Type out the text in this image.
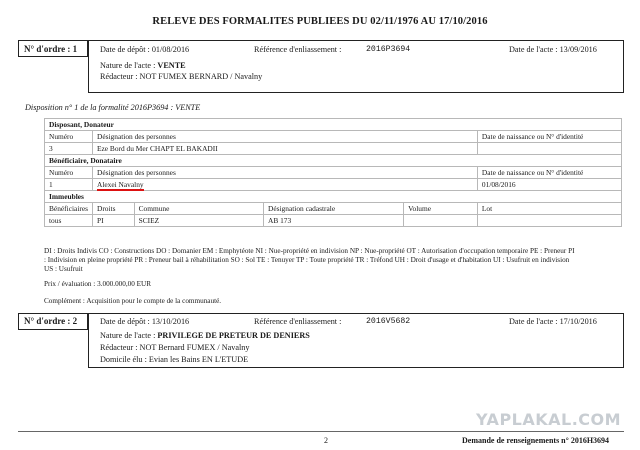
RELEVE DES FORMALITES PUBLIEES DU 02/11/1976 AU 17/10/2016
N° d'ordre : 1	Date de dépôt : 01/08/2016	Référence d'enliassement :	2016P3694	Date de l'acte : 13/09/2016
Nature de l'acte : VENTE
Rédacteur : NOT FUMEX BERNARD / Navalny
Disposition n° 1 de la formalité 2016P3694 : VENTE
Disposant, Donateur					
Numéro	Désignation des personnes				Date de naissance ou N° d'identité
3	Eze Bord du Mer CHAPT EL BAKADII				
Bénéficiaire, Donataire					
Numéro	Désignation des personnes				Date de naissance ou N° d'identité
1	Alexei Navalny				01/08/2016
Immeubles					
Bénéficiaires	Droits	Commune	Désignation cadastrale	Volume	Lot
tous	PI	SCIEZ	AB 173		
DI : Droits Indivis CO : Constructions DO : Domanier EM : Emphytéote NI : Nue-propriété en indivision NP : Nue-propriété OT : Autorisation d'occupation temporaire PE : Preneur PI
: Indivision en pleine propriété PR : Preneur bail à réhabilitation SO : Sol TE : Tenuyer TP : Toute propriété TR : Tréfond UH : Droit d'usage et d'habitation UI : Usufruit en indivision
US : Usufruit
Prix / évaluation : 3.000.000,00 EUR
Complément : Acquisition pour le compte de la communauté.
N° d'ordre : 2	Date de dépôt : 13/10/2016	Référence d'enliassement :	2016V5682	Date de l'acte : 17/10/2016
Nature de l'acte : PRIVILEGE DE PRETEUR DE DENIERS
Rédacteur : NOT Bernard FUMEX / Navalny
Domicile élu : Evian les Bains EN L'ETUDE
YAPLAKAL.COM
2	Demande de renseignements n° 2016H3694
